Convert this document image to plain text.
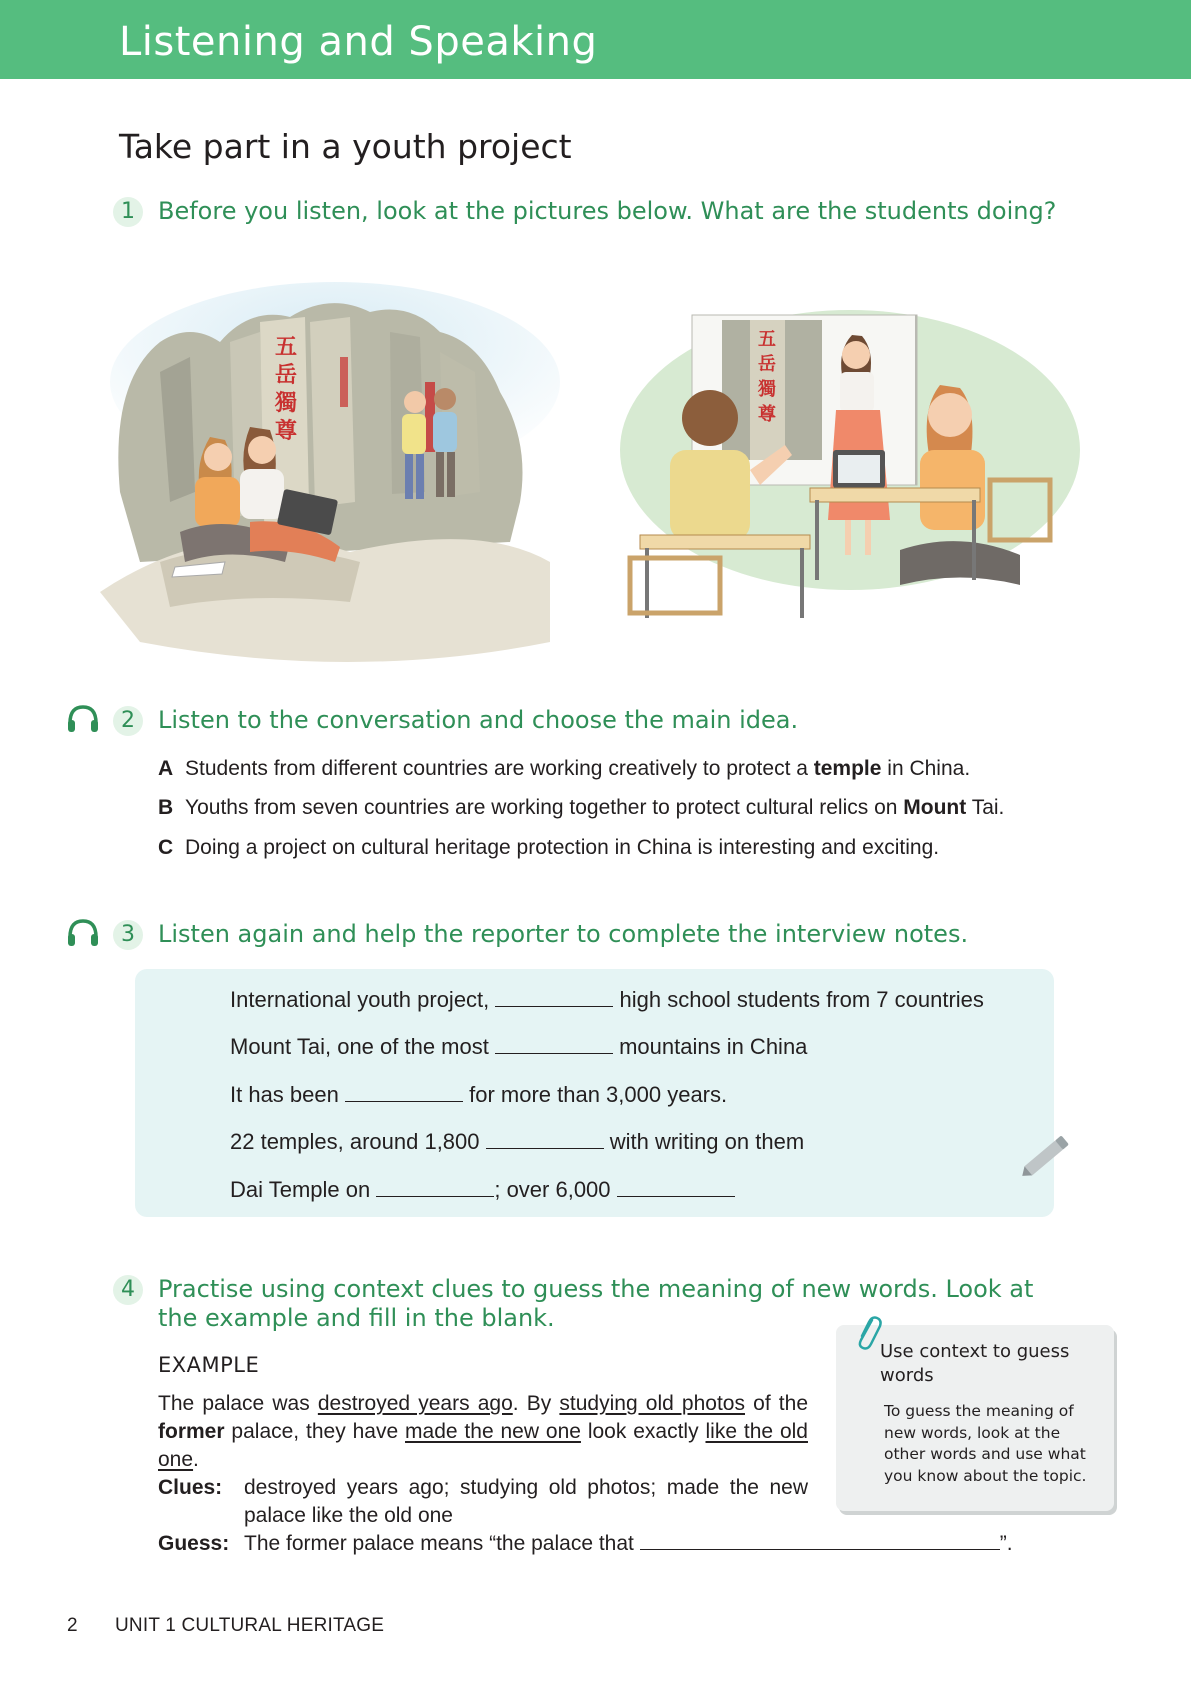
Listening and Speaking
Take part in a youth project
1 Before you listen, look at the pictures below. What are the students doing?
五
岳
獨
尊
五
岳
獨
尊
2 Listen to the conversation and choose the main idea.
A Students from different countries are working creatively to protect a temple in China.
B Youths from seven countries are working together to protect cultural relics on Mount Tai.
C Doing a project on cultural heritage protection in China is interesting and exciting.
3 Listen again and help the reporter to complete the interview notes.
International youth project,	high school students from 7 countries
Mount Tai, one of the most	mountains in China
It has been	for more than 3,000 years.
22 temples, around 1,800	with writing on them
Dai Temple on	; over 6,000
4 Practise using context clues to guess the meaning of new words. Look at the example and fill in the blank.
EXAMPLE
The palace was destroyed years ago. By studying old photos of the former palace, they have made the new one look exactly like the old one.
Clues: destroyed years ago; studying old photos; made the new palace like the old one
Guess: The former palace means “the palace that	”.
Use context to guess words
To guess the meaning of new words, look at the other words and use what you know about the topic.
2 UNIT 1 CULTURAL HERITAGE
